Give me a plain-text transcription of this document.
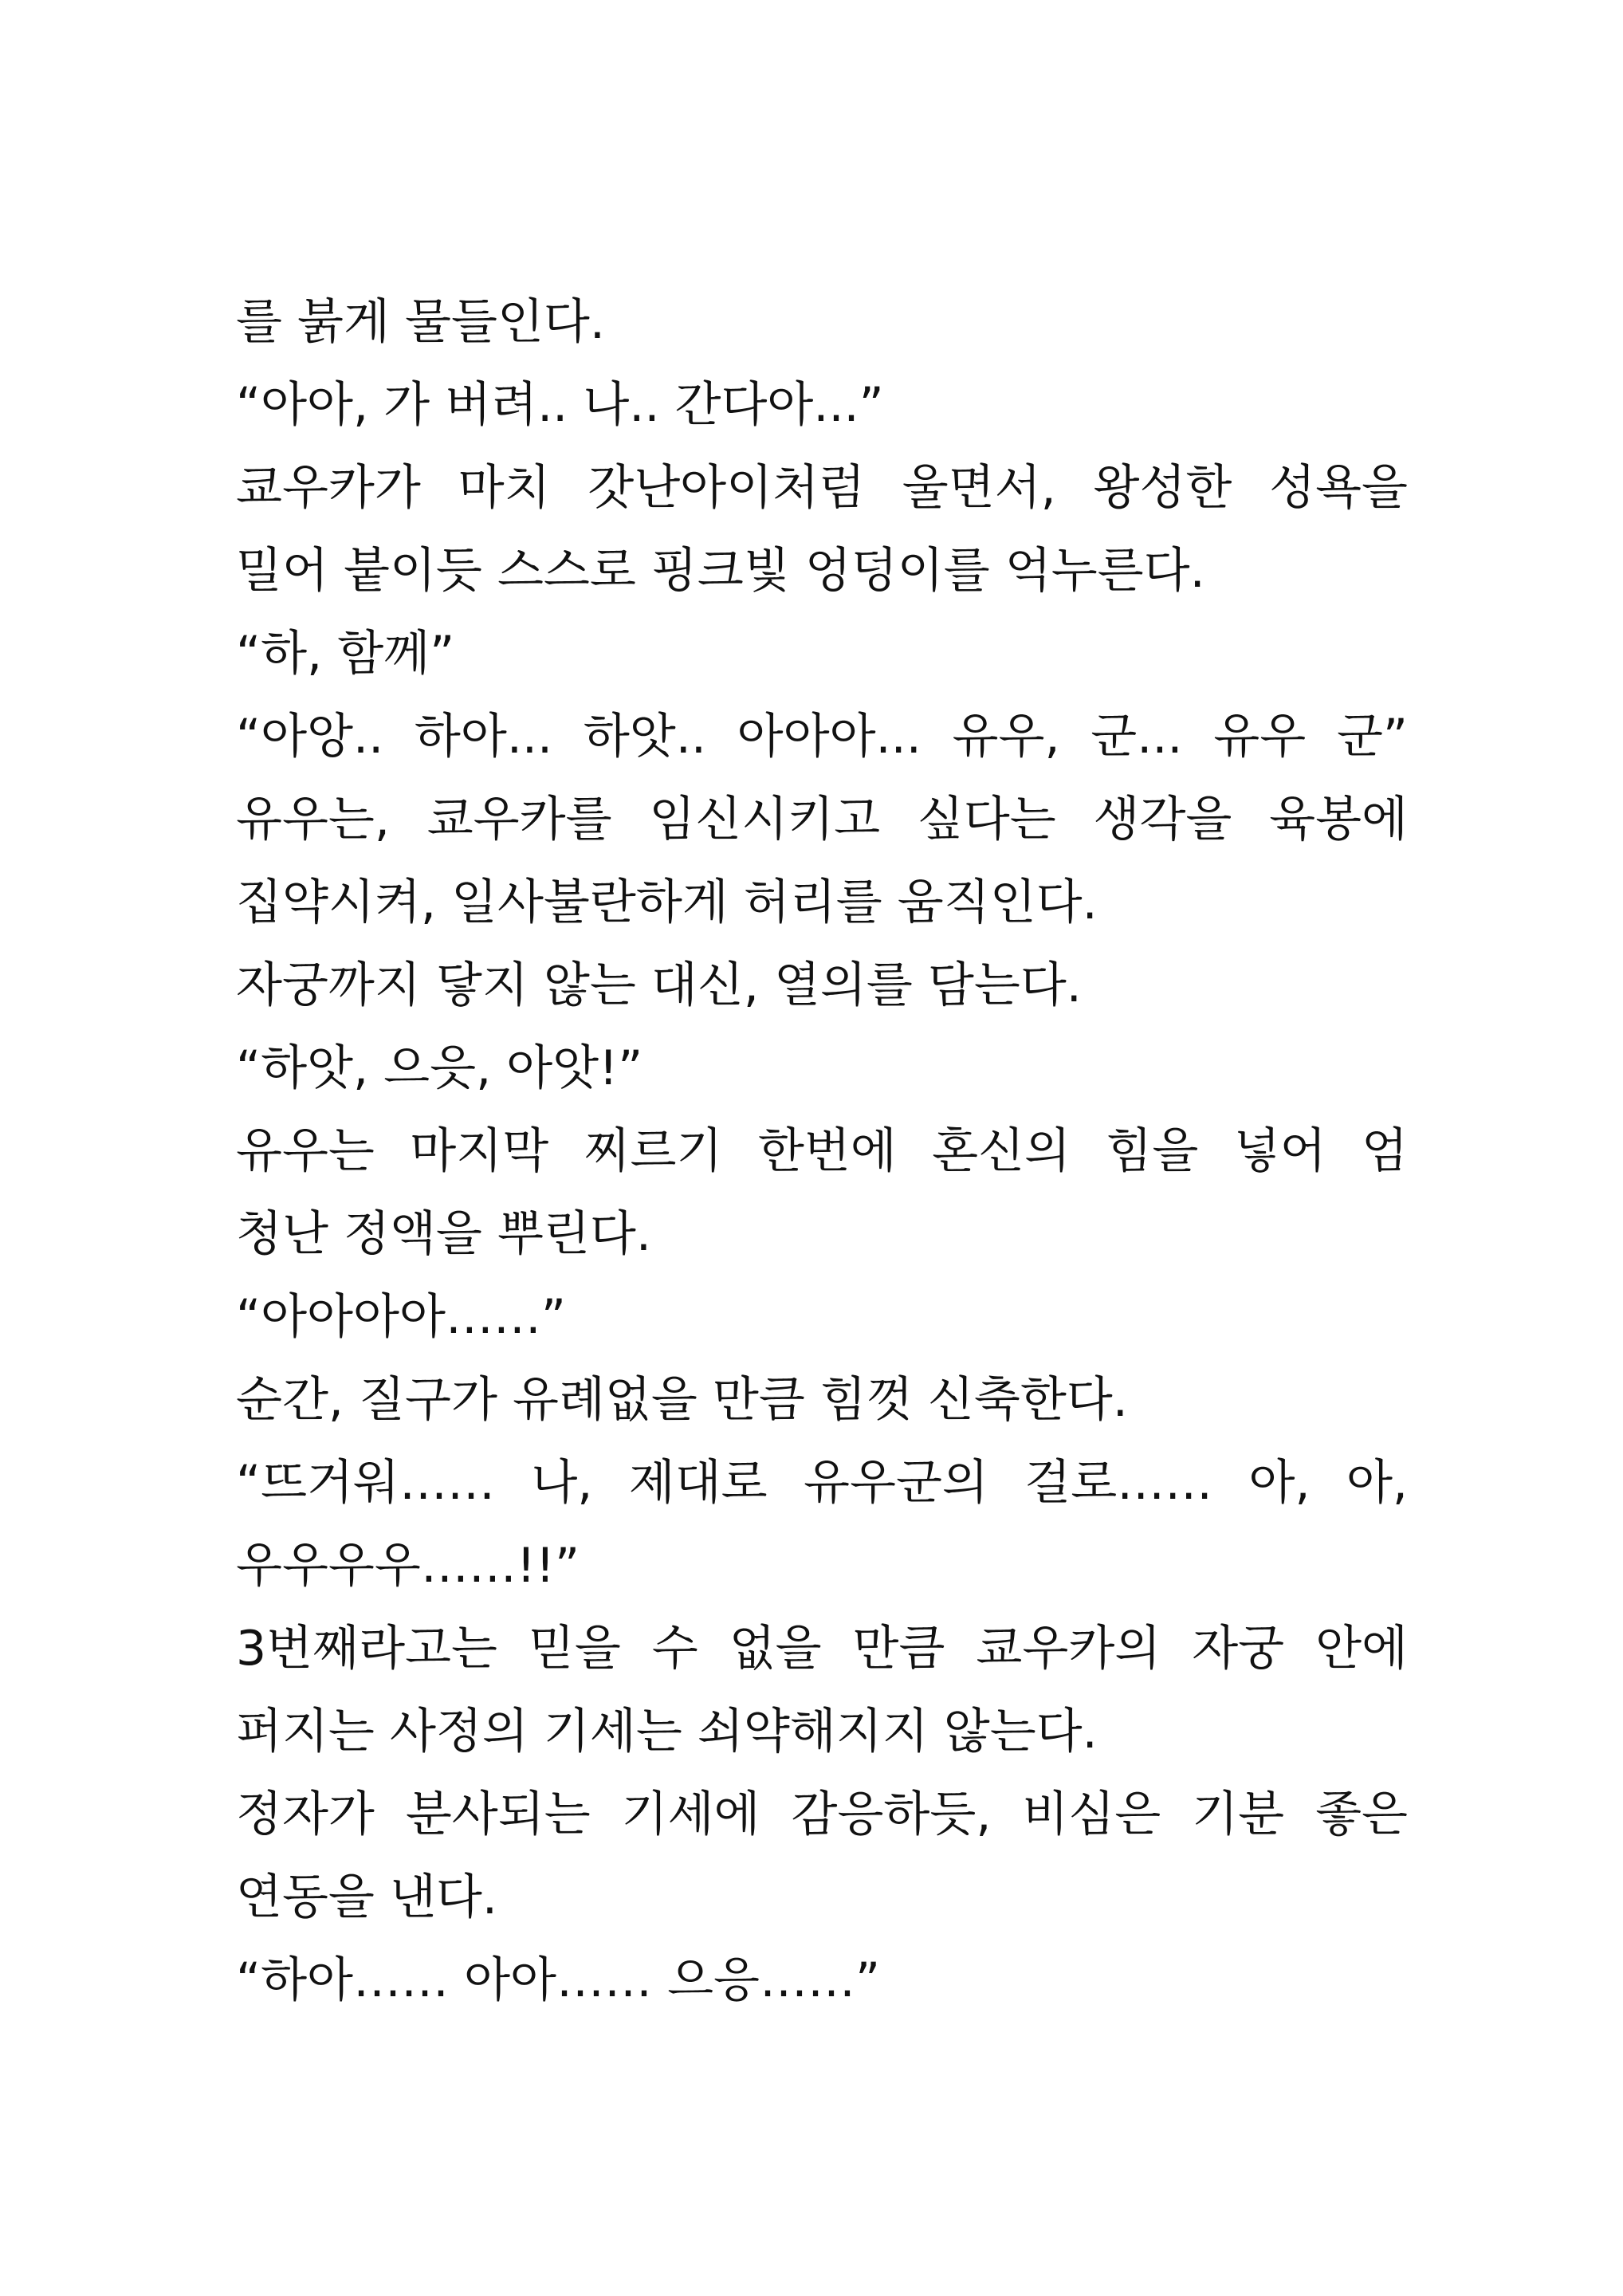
를 붉게 물들인다.
“아아, 가 버려.. 나.. 간다아...”
쿄우카가 마치 갓난아이처럼 울면서, 왕성한 성욕을
밀어 붙이듯 스스로 핑크빛 엉덩이를 억누른다.
“하, 함께”
“아앙.. 하아... 하앗.. 아아아... 유우, 군... 유우 군”
유우는, 쿄우카를 임신시키고 싶다는 생각을 육봉에
집약시켜, 일사불란하게 허리를 움직인다.
자궁까지 닿지 않는 대신, 열의를 담는다.
“하앗, 으읏, 아앗!”
유우는 마지막 찌르기 한번에 혼신의 힘을 넣어 엄
청난 정액을 뿌린다.
“아아아아……”
순간, 질구가 유례없을 만큼 힘껏 신축한다.
“뜨거워…… 나, 제대로 유우군의 걸로…… 아, 아,
우우우우……!!”
3번째라고는 믿을 수 없을 만큼 쿄우카의 자궁 안에
퍼지는 사정의 기세는 쇠약해지지 않는다.
정자가 분사되는 기세에 감응하듯, 비심은 기분 좋은
연동을 낸다.
“하아…… 아아…… 으응……”
